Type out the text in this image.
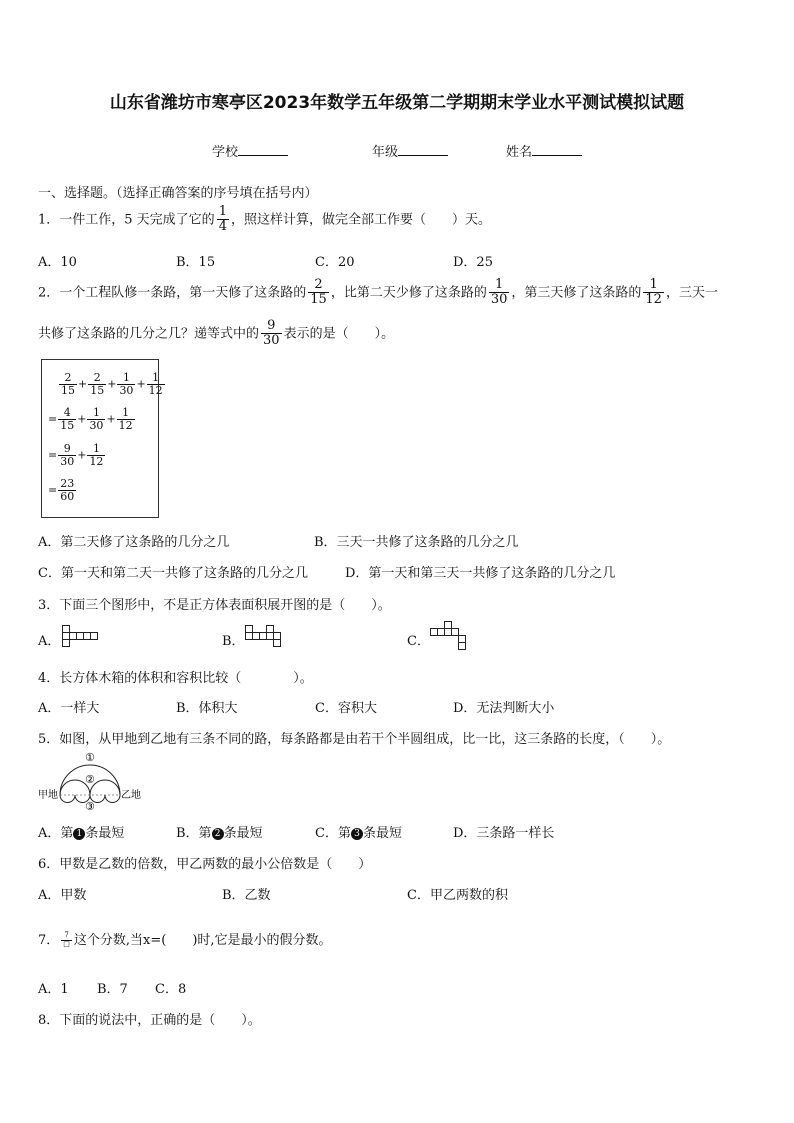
山东省潍坊市寒亭区2023年数学五年级第二学期期末学业水平测试模拟试题
学校	年级	姓名
一、选择题。（选择正确答案的序号填在括号内）
1．一件工作，5 天完成了它的 $\frac{1}{4}$ ，照这样计算，做完全部工作要（　　）天。
A．10	B．15	C．20	D．25
2．一个工程队修一条路，第一天修了这条路的 $\frac{2}{15}$ ，比第二天少修了这条路的 $\frac{1}{30}$ ，第三天修了这条路的 $\frac{1}{12}$ ，三天一
共修了这条路的几分之几？递等式中的 $\frac{9}{30}$ 表示的是（　　）。
$\frac{2}{15} + \frac{2}{15} + \frac{1}{30} + \frac{1}{12}$
= $\frac{4}{15} + \frac{1}{30} + \frac{1}{12}$
= $\frac{9}{30} + \frac{1}{12}$
= $\frac{23}{60}$
A．第二天修了这条路的几分之几	B．三天一共修了这条路的几分之几
C．第一天和第二天一共修了这条路的几分之几	D．第一天和第三天一共修了这条路的几分之几
3．下面三个图形中，不是正方体表面积展开图的是（　　）。
A．	B．	C．
4．长方体木箱的体积和容积比较（　　　　）。
A．一样大	B．体积大	C．容积大	D．无法判断大小
5．如图，从甲地到乙地有三条不同的路，每条路都是由若干个半圆组成，比一比，这三条路的长度，（　　）。
甲地	乙地
①
②
③
A．第 1 条最短	B．第 2 条最短	C．第 3 条最短	D．三条路一样长
6．甲数是乙数的倍数，甲乙两数的最小公倍数是（　　）
A．甲数	B．乙数	C．甲乙两数的积
7． $\frac{7}{□}$ 这个分数,当x=(　　)时,它是最小的假分数。
A．1 B．7 C．8
8．下面的说法中，正确的是（　　）。
